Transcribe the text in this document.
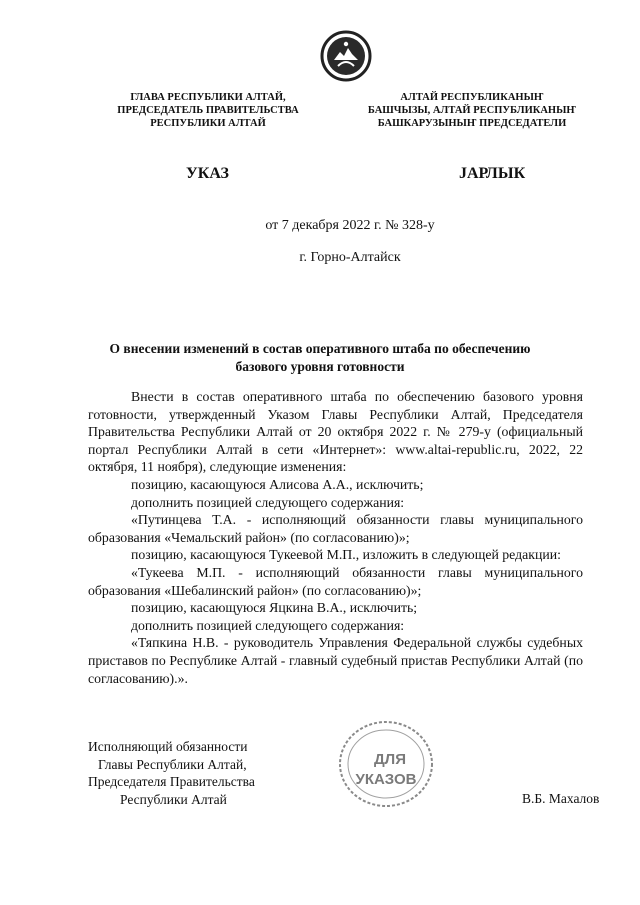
ГЛАВА РЕСПУБЛИКИ АЛТАЙ,
ПРЕДСЕДАТЕЛЬ ПРАВИТЕЛЬСТВА
РЕСПУБЛИКИ АЛТАЙ
АЛТАЙ РЕСПУБЛИКАНЫҤ
БАШЧЫЗЫ, АЛТАЙ РЕСПУБЛИКАНЫҤ
БАШКАРУЗЫНЫҤ ПРЕДСЕДАТЕЛИ
УКАЗ	JАРЛЫК
от 7 декабря 2022 г. № 328-у
г. Горно-Алтайск
О внесении изменений в состав оперативного штаба по обеспечению
базового уровня готовности

Внести в состав оперативного штаба по обеспечению базового уровня готовности, утвержденный Указом Главы Республики Алтай, Председателя Правительства Республики Алтай от 20 октября 2022 г. № 279-у (официальный портал Республики Алтай в сети «Интернет»: www.altai-republic.ru, 2022, 22 октября, 11 ноября), следующие изменения:

позицию, касающуюся Алисова А.А., исключить;

дополнить позицией следующего содержания:

«Путинцева Т.А. - исполняющий обязанности главы муниципального образования «Чемальский район» (по согласованию)»;

позицию, касающуюся Тукеевой М.П., изложить в следующей редакции:

«Тукеева М.П. - исполняющий обязанности главы муниципального образования «Шебалинский район» (по согласованию)»;

позицию, касающуюся Яцкина В.А., исключить;

дополнить позицией следующего содержания:

«Тяпкина Н.В. - руководитель Управления Федеральной службы судебных приставов по Республике Алтай - главный судебный пристав Республики Алтай (по согласованию).».

Исполняющий обязанности
Главы Республики Алтай,
Председателя Правительства
Республики Алтай
ДЛЯ
УКАЗОВ
В.Б. Махалов
